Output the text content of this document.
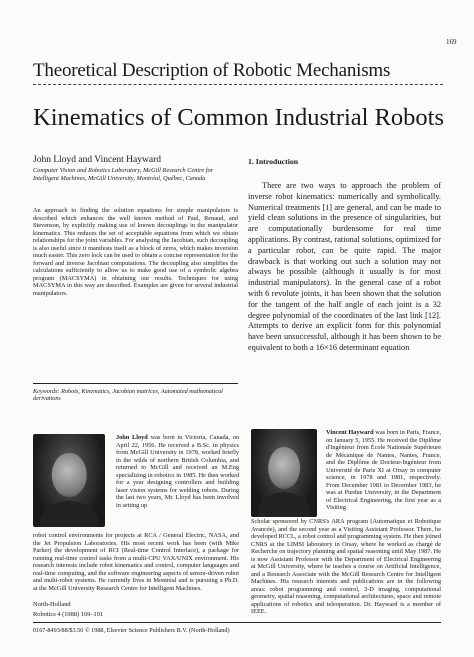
169
Theoretical Description of Robotic Mechanisms
Kinematics of Common Industrial Robots
John Lloyd and Vincent Hayward
Computer Vision and Robotics Laboratory, McGill Research Centre for Intelligent Machines, McGill University, Montréal, Québec, Canada
An approach to finding the solution equations for simple manipulators is described which enhances the well known method of Paul, Renaud, and Stevenson, by explicitly making use of known decouplings in the manipulator kinematics. This reduces the set of acceptable equations from which we obtain relationships for the joint variables. For analysing the Jacobian, such decoupling is also useful since it manifests itself as a block of zeros, which makes inversion much easier. This zero lock can be used to obtain a concise representation for the forward and inverse Jacobian computations. The decoupling also simplifies the calculations sufficiently to allow us to make good use of a symbolic algebra program (MACSYMA) in obtaining our results. Techniques for using MACSYMA in this way are described. Examples are given for several industrial manipulators.
Keywords: Robots, Kinematics, Jacobian matrices, Automated mathematical derivations
1. Introduction
There are two ways to approach the problem of inverse robot kinematics: numerically and symbolically. Numerical treatments [1] are general, and can be made to yield clean solutions in the presence of singularities, but are computationally burdensome for real time applications. By contrast, rational solutions, optimized for a particular robot, can be quite rapid. The major drawback is that working out such a solution may not always be possible (although it usually is for most industrial manipulators). In the general case of a robot with 6 revolute joints, it has been shown that the solution for the tangent of the half angle of each joint is a 32 degree polynomial of the coordinates of the last link [12]. Attempts to derive an explicit form for this polynomial have been unsuccessful, although it has been shown to be equivalent to both a 16×16 determinant equation
John Lloyd was born in Victoria, Canada, on April 22, 1956. He received a B.Sc. in physics from McGill University in 1978, worked briefly in the wilds of northern British Columbia, and returned to McGill and received an M.Eng specializing in robotics in 1985. He then worked for a year designing controllers and building laser vision systems for welding robots. During the last two years, Mr. Lloyd has been involved in setting up
robot control environments for projects at RCA / General Electric, NASA, and the Jet Propulsion Laboratories. His most recent work has been (with Mike Parker) the development of RCI (Real-time Control Interface), a package for running real-time control tasks from a multi-CPU VAX/UNIX environment. His research interests include robot kinematics and control, computer languages and real-time computing, and the software engineering aspects of sensor-driven robot and multi-robot systems. He currently lives in Montréal and is pursuing a Ph.D. at the McGill University Research Centre for Intelligent Machines.
Vincent Hayward was born in Paris, France, on January 5, 1955. He received the Diplôme d'Ingénieur from École Nationale Supérieure de Mécanique de Nantes, Nantes, France, and the Diplôme de Docteur-Ingénieur from Université de Paris XI at Orsay in computer science, in 1978 and 1981, respectively. From December 1981 to December 1983, he was at Purdue University, in the Department of Electrical Engineering, the first year as a Visiting
Scholar sponsored by CNRS's ARA program (Automatique et Robotique Avancée), and the second year as a Visiting Assistant Professor. There, he developed RCCL, a robot control and programming system. He then joined CNRS at the LIMSI laboratory in Orsay, where he worked as chargé de Recherche on trajectory planning and spatial reasoning until May 1987. He is now Assistant Professor with the Department of Electrical Engineering at McGill University, where he teaches a course on Artificial Intelligence, and a Research Associate with the McGill Research Centre for Intelligent Machines. His research interests and publications are in the following areas: robot programming and control, 3-D imaging, computational geometry, spatial reasoning, computational architectures, space and remote applications of robotics and teleoperation. Dr. Hayward is a member of IEEE.
North-Holland
Robotics 4 (1988) 169–191
0167-8493/88/$3.50 © 1988, Elsevier Science Publishers B.V. (North-Holland)
